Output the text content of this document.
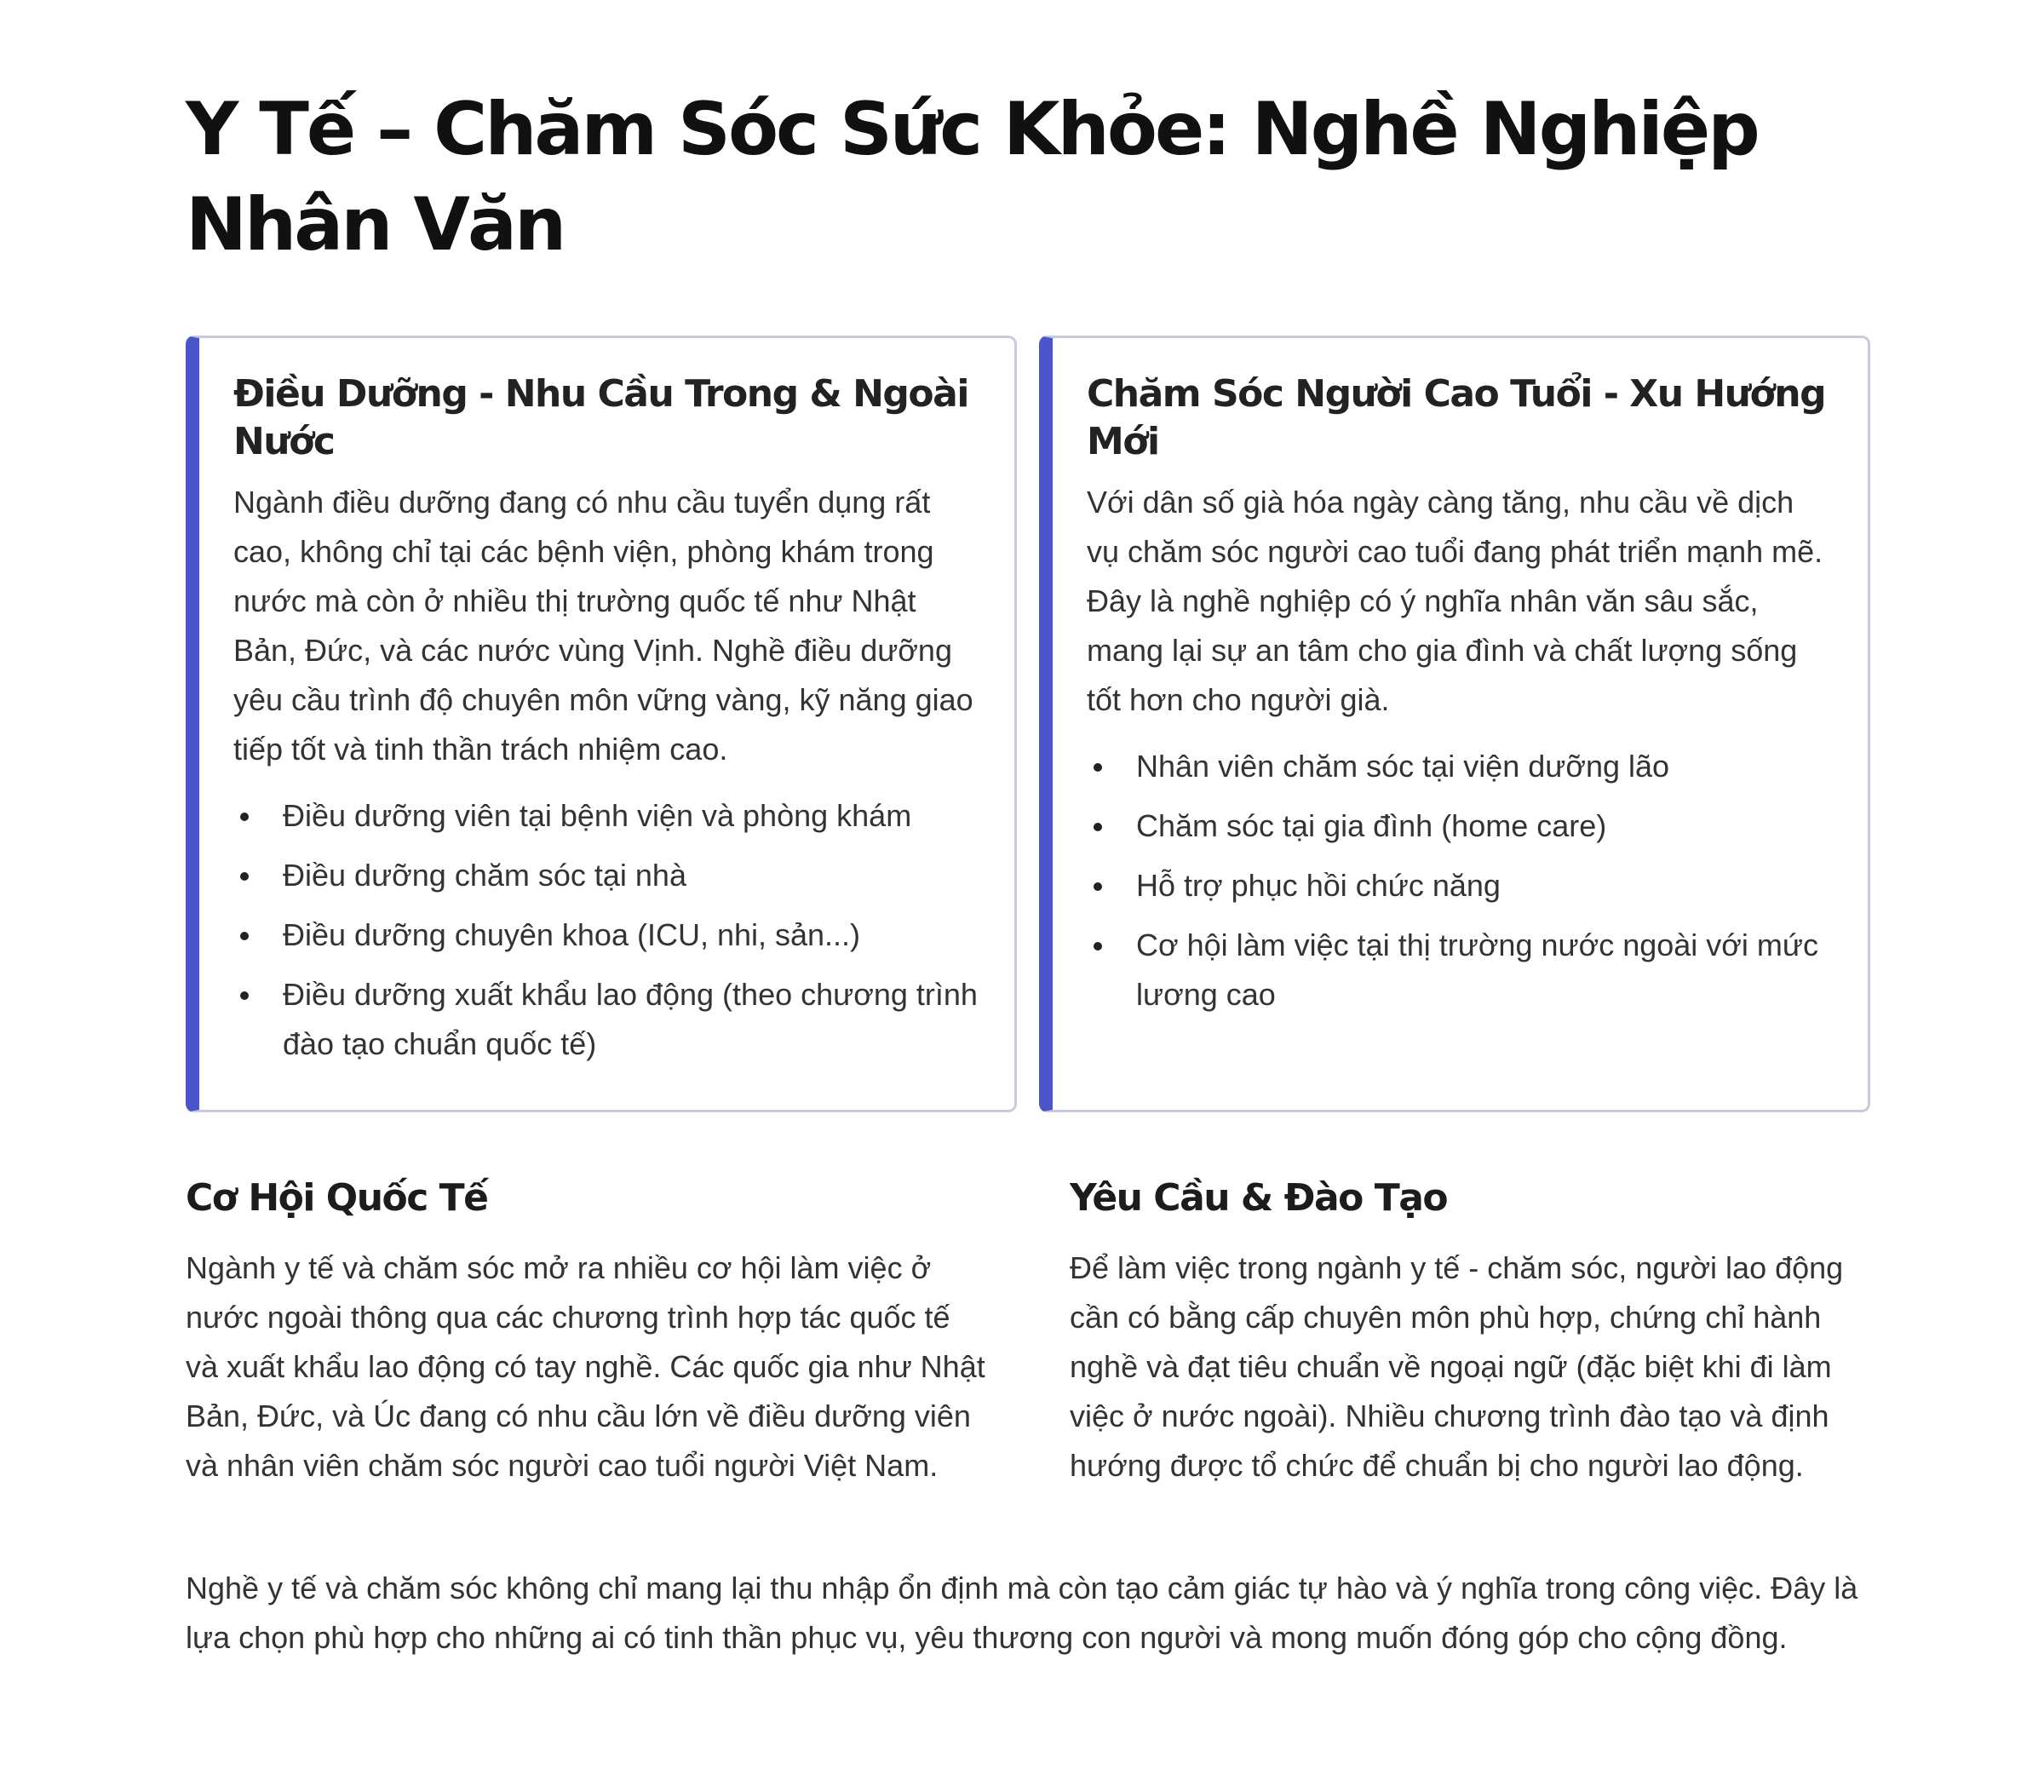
Y Tế – Chăm Sóc Sức Khỏe: Nghề Nghiệp Nhân Văn
Điều Dưỡng - Nhu Cầu Trong & Ngoài Nước

Ngành điều dưỡng đang có nhu cầu tuyển dụng rất cao, không chỉ tại các bệnh viện, phòng khám trong nước mà còn ở nhiều thị trường quốc tế như Nhật Bản, Đức, và các nước vùng Vịnh. Nghề điều dưỡng yêu cầu trình độ chuyên môn vững vàng, kỹ năng giao tiếp tốt và tinh thần trách nhiệm cao.

Điều dưỡng viên tại bệnh viện và phòng khám
Điều dưỡng chăm sóc tại nhà
Điều dưỡng chuyên khoa (ICU, nhi, sản...)
Điều dưỡng xuất khẩu lao động (theo chương trình đào tạo chuẩn quốc tế)
Chăm Sóc Người Cao Tuổi - Xu Hướng Mới

Với dân số già hóa ngày càng tăng, nhu cầu về dịch vụ chăm sóc người cao tuổi đang phát triển mạnh mẽ. Đây là nghề nghiệp có ý nghĩa nhân văn sâu sắc, mang lại sự an tâm cho gia đình và chất lượng sống tốt hơn cho người già.

Nhân viên chăm sóc tại viện dưỡng lão
Chăm sóc tại gia đình (home care)
Hỗ trợ phục hồi chức năng
Cơ hội làm việc tại thị trường nước ngoài với mức lương cao
Cơ Hội Quốc Tế

Ngành y tế và chăm sóc mở ra nhiều cơ hội làm việc ở nước ngoài thông qua các chương trình hợp tác quốc tế và xuất khẩu lao động có tay nghề. Các quốc gia như Nhật Bản, Đức, và Úc đang có nhu cầu lớn về điều dưỡng viên và nhân viên chăm sóc người cao tuổi người Việt Nam.

Yêu Cầu & Đào Tạo

Để làm việc trong ngành y tế - chăm sóc, người lao động cần có bằng cấp chuyên môn phù hợp, chứng chỉ hành nghề và đạt tiêu chuẩn về ngoại ngữ (đặc biệt khi đi làm việc ở nước ngoài). Nhiều chương trình đào tạo và định hướng được tổ chức để chuẩn bị cho người lao động.

Nghề y tế và chăm sóc không chỉ mang lại thu nhập ổn định mà còn tạo cảm giác tự hào và ý nghĩa trong công việc. Đây là lựa chọn phù hợp cho những ai có tinh thần phục vụ, yêu thương con người và mong muốn đóng góp cho cộng đồng.
